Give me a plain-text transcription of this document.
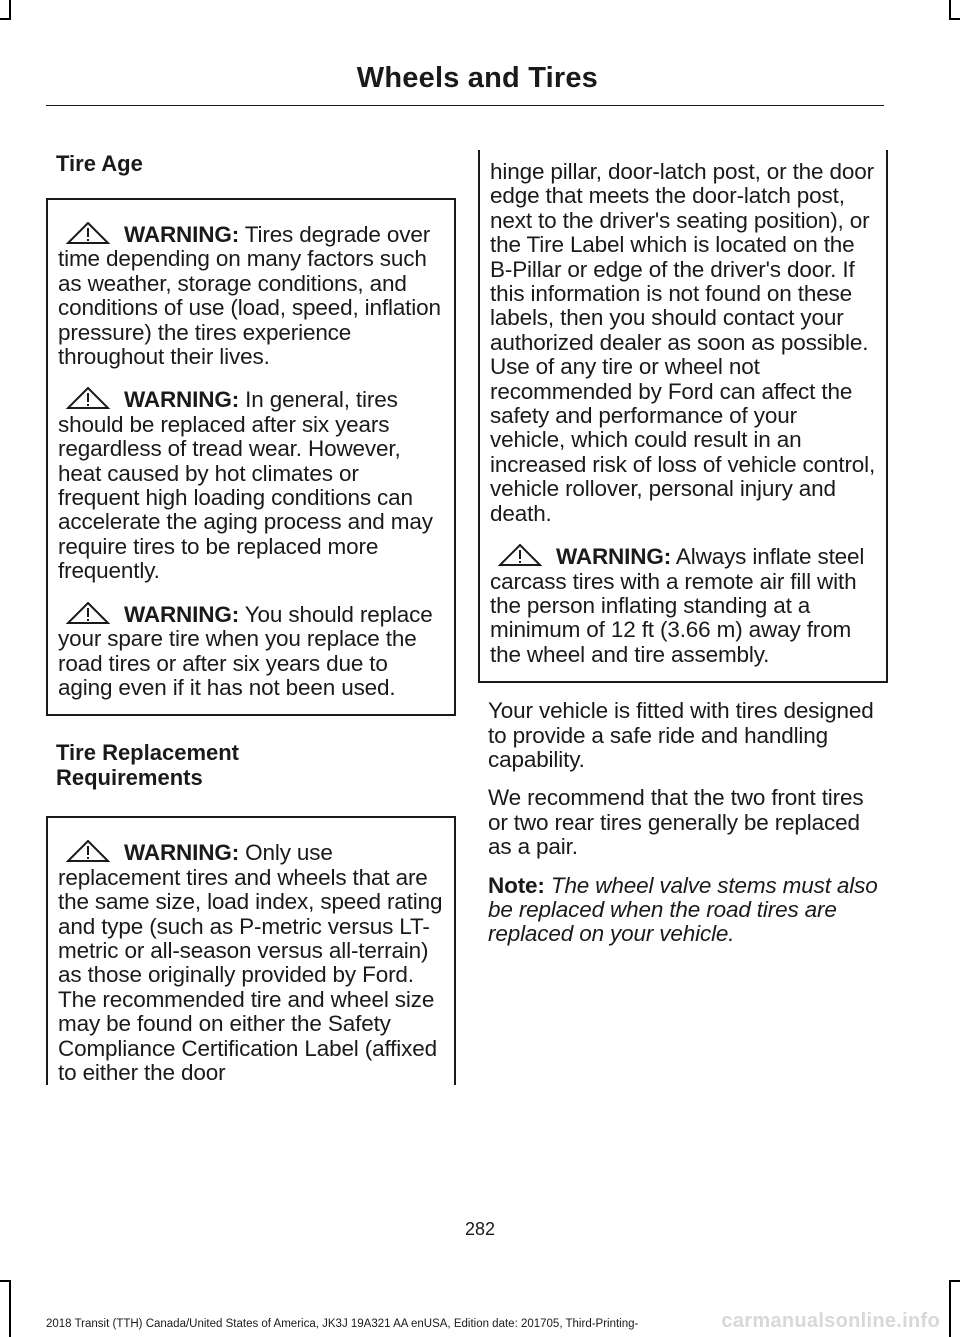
Wheels and Tires
Tire Age

WARNING: Tires degrade over time depending on many factors such as weather, storage conditions, and conditions of use (load, speed, inflation pressure) the tires experience throughout their lives.

WARNING: In general, tires should be replaced after six years regardless of tread wear. However, heat caused by hot climates or frequent high loading conditions can accelerate the aging process and may require tires to be replaced more frequently.

WARNING: You should replace your spare tire when you replace the road tires or after six years due to aging even if it has not been used.

Tire Replacement
Requirements

WARNING: Only use replacement tires and wheels that are the same size, load index, speed rating and type (such as P-metric versus LT-metric or all-season versus all-terrain) as those originally provided by Ford. The recommended tire and wheel size may be found on either the Safety Compliance Certification Label (affixed to either the door

hinge pillar, door-latch post, or the door edge that meets the door-latch post, next to the driver's seating position), or the Tire Label which is located on the B-Pillar or edge of the driver's door. If this information is not found on these labels, then you should contact your authorized dealer as soon as possible. Use of any tire or wheel not recommended by Ford can affect the safety and performance of your vehicle, which could result in an increased risk of loss of vehicle control, vehicle rollover, personal injury and death.

WARNING: Always inflate steel carcass tires with a remote air fill with the person inflating standing at a minimum of 12 ft (3.66 m) away from the wheel and tire assembly.

Your vehicle is fitted with tires designed to provide a safe ride and handling capability.

We recommend that the two front tires or two rear tires generally be replaced as a pair.

Note: The wheel valve stems must also be replaced when the road tires are replaced on your vehicle.

282
2018 Transit (TTH) Canada/United States of America, JK3J 19A321 AA enUSA, Edition date: 201705, Third-Printing-	carmanualsonline.info
